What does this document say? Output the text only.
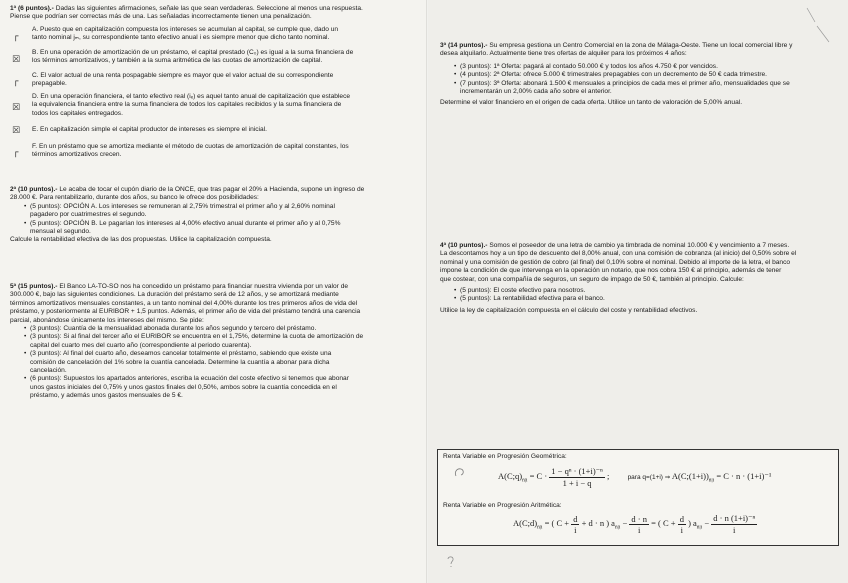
1ª (6 puntos).- Dadas las siguientes afirmaciones, señale las que sean verdaderas. Seleccione al menos una respuesta.
Piense que podrían ser correctas más de una. Las señaladas incorrectamente tienen una penalización.
┌
A. Puesto que en capitalización compuesta los intereses se acumulan al capital, se cumple que, dado un
tanto nominal jₘ, su correspondiente tanto efectivo anual i es siempre menor que dicho tanto nominal.
☒
B. En una operación de amortización de un préstamo, el capital prestado (C₀) es igual a la suma financiera de
los términos amortizativos, y también a la suma aritmética de las cuotas de amortización de capital.
┌
C. El valor actual de una renta pospagable siempre es mayor que el valor actual de su correspondiente
prepagable.
☒
D. En una operación financiera, el tanto efectivo real (iₑ) es aquel tanto anual de capitalización que establece
la equivalencia financiera entre la suma financiera de todos los capitales recibidos y la suma financiera de
todos los capitales entregados.
☒ E. En capitalización simple el capital productor de intereses es siempre el inicial.
┌
F. En un préstamo que se amortiza mediante el método de cuotas de amortización de capital constantes, los
términos amortizativos crecen.
2ª (10 puntos).- Le acaba de tocar el cupón diario de la ONCE, que tras pagar el 20% a Hacienda, supone un ingreso de
28.000 €. Para rentabilizarlo, durante dos años, su banco le ofrece dos posibilidades:
• (5 puntos): OPCIÓN A. Los intereses se remuneran al 2,75% trimestral el primer año y al 2,60% nominal
pagadero por cuatrimestres el segundo.
• (5 puntos): OPCIÓN B. Le pagarían los intereses al 4,00% efectivo anual durante el primer año y al 0,75%
mensual el segundo.
Calcule la rentabilidad efectiva de las dos propuestas. Utilice la capitalización compuesta.
5ª (15 puntos).- El Banco LA-TO-SO nos ha concedido un préstamo para financiar nuestra vivienda por un valor de
300.000 €, bajo las siguientes condiciones. La duración del préstamo será de 12 años, y se amortizará mediante
términos amortizativos mensuales constantes, a un tanto nominal del 4,00% durante los tres primeros años de vida del
préstamo, y posteriormente al EURIBOR + 1,5 puntos. Además, el primer año de vida del préstamo tendrá una carencia
parcial, abonándose únicamente los intereses del mismo. Se pide:
• (3 puntos): Cuantía de la mensualidad abonada durante los años segundo y tercero del préstamo.
• (3 puntos): Si al final del tercer año el EURIBOR se encuentra en el 1,75%, determine la cuota de amortización de
capital del cuarto mes del cuarto año (correspondiente al periodo cuarenta).
• (3 puntos): Al final del cuarto año, deseamos cancelar totalmente el préstamo, sabiendo que existe una
comisión de cancelación del 1% sobre la cuantía cancelada. Determine la cuantía a abonar para dicha
cancelación.
• (6 puntos): Supuestos los apartados anteriores, escriba la ecuación del coste efectivo si tenemos que abonar
unos gastos iniciales del 0,75% y unos gastos finales del 0,50%, ambos sobre la cuantía concedida en el
préstamo, y además unos gastos mensuales de 5 €.
3ª (14 puntos).- Su empresa gestiona un Centro Comercial en la zona de Málaga-Oeste. Tiene un local comercial libre y
desea alquilarlo. Actualmente tiene tres ofertas de alquiler para los próximos 4 años:
• (3 puntos): 1ª Oferta: pagará al contado 50.000 € y todos los años 4.750 € por vencidos.
• (4 puntos): 2ª Oferta: ofrece 5.000 € trimestrales prepagables con un decremento de 50 € cada trimestre.
• (7 puntos): 3ª Oferta: abonará 1.500 € mensuales a principios de cada mes el primer año, mensualidades que se
incrementarán un 2,00% cada año sobre el anterior.
Determine el valor financiero en el origen de cada oferta. Utilice un tanto de valoración de 5,00% anual.
4ª (10 puntos).- Somos el poseedor de una letra de cambio ya timbrada de nominal 10.000 € y vencimiento a 7 meses.
La descontamos hoy a un tipo de descuento del 8,00% anual, con una comisión de cobranza (al inicio) del 0,50% sobre el
nominal y una comisión de gestión de cobro (al final) del 0,10% sobre el nominal. Debido al importe de la letra, el banco
impone la condición de que intervenga en la operación un notario, que nos cobra 150 € al principio, además de tener
que costear, con una compañía de seguros, un seguro de impago de 50 €, también al principio. Calcule:
• (5 puntos): El coste efectivo para nosotros.
• (5 puntos): La rentabilidad efectiva para el banco.
Utilice la ley de capitalización compuesta en el cálculo del coste y rentabilidad efectivos.
Renta Variable en Progresión Geométrica:
$A(C;q)_{n̄|i} = C \cdot \frac{\text{1 − qⁿ · (1+i)⁻ⁿ}}{1 + i - q}$ ;	para q=(1+i) ⇒ $A(C;(1+i))_{n̄|i} = C \cdot n \cdot (1+i)^{-1}$
Renta Variable en Progresión Aritmética:
$A(C;d)_{n̄|i}$ = ( $C + \frac{d}{i} + d \cdot n$ ) $a_{n̄|i} - \frac{d \cdot n}{i}$ = ( $C + \frac{d}{i}$ ) $a_{n̄|i} - \frac{\text{d · n (1+i)⁻ⁿ}}{i}$
